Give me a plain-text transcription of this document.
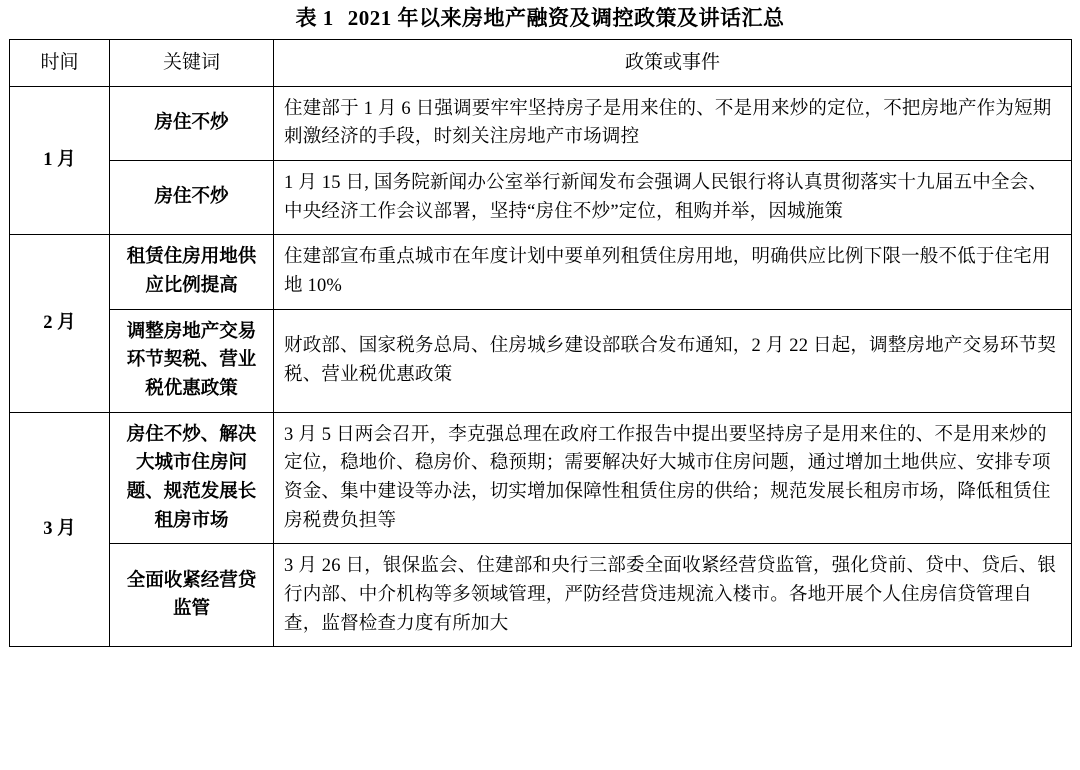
表 1 2021 年以来房地产融资及调控政策及讲话汇总
时间	关键词	政策或事件
1 月	房住不炒	住建部于 1 月 6 日强调要牢牢坚持房子是用来住的、不是用来炒的定位，不把房地产作为短期刺激经济的手段，时刻关注房地产市场调控
	房住不炒	1 月 15 日, 国务院新闻办公室举行新闻发布会强调人民银行将认真贯彻落实十九届五中全会、中央经济工作会议部署，坚持“房住不炒”定位，租购并举，因城施策
2 月	租赁住房用地供应比例提高	住建部宣布重点城市在年度计划中要单列租赁住房用地，明确供应比例下限一般不低于住宅用地 10%
	调整房地产交易环节契税、营业税优惠政策	财政部、国家税务总局、住房城乡建设部联合发布通知，2 月 22 日起，调整房地产交易环节契税、营业税优惠政策
3 月	房住不炒、解决大城市住房问题、规范发展长租房市场	3 月 5 日两会召开，李克强总理在政府工作报告中提出要坚持房子是用来住的、不是用来炒的定位，稳地价、稳房价、稳预期；需要解决好大城市住房问题，通过增加土地供应、安排专项资金、集中建设等办法，切实增加保障性租赁住房的供给；规范发展长租房市场，降低租赁住房税费负担等
	全面收紧经营贷监管	3 月 26 日，银保监会、住建部和央行三部委全面收紧经营贷监管，强化贷前、贷中、贷后、银行内部、中介机构等多领域管理，严防经营贷违规流入楼市。各地开展个人住房信贷管理自查，监督检查力度有所加大
